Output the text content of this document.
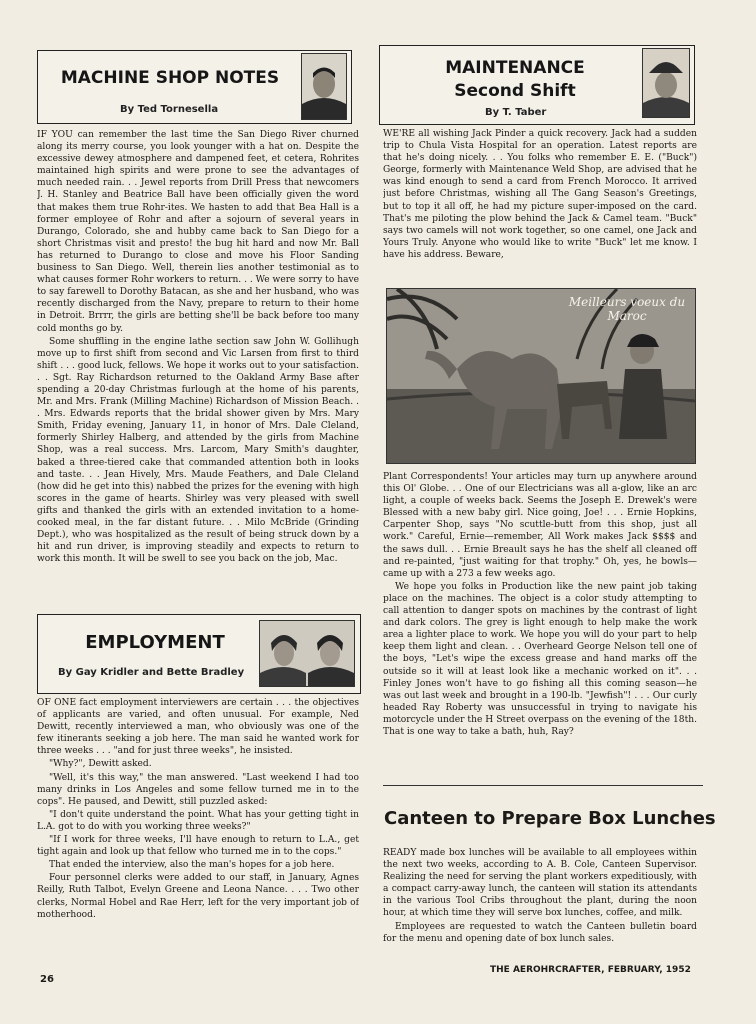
MACHINE SHOP NOTES
By Ted Tornesella

IF YOU can remember the last time the San Diego River churned along its merry course, you look younger with a hat on. Despite the excessive dewey atmosphere and dampened feet, et cetera, Rohrites maintained high spirits and were prone to see the advantages of much needed rain. . . Jewel reports from Drill Press that newcomers J. H. Stanley and Beatrice Ball have been officially given the word that makes them true Rohr-ites. We hasten to add that Bea Hall is a former employee of Rohr and after a sojourn of several years in Durango, Colorado, she and hubby came back to San Diego for a short Christmas visit and presto! the bug hit hard and now Mr. Ball has returned to Durango to close and move his Floor Sanding business to San Diego. Well, therein lies another testimonial as to what causes former Rohr workers to return. . . We were sorry to have to say farewell to Dorothy Batacan, as she and her husband, who was recently discharged from the Navy, prepare to return to their home in Detroit. Brrrr, the girls are betting she'll be back before too many cold months go by.

Some shuffling in the engine lathe section saw John W. Gollihugh move up to first shift from second and Vic Larsen from first to third shift . . . good luck, fellows. We hope it works out to your satisfaction. . . Sgt. Ray Richardson returned to the Oakland Army Base after spending a 20-day Christmas furlough at the home of his parents, Mr. and Mrs. Frank (Milling Machine) Richardson of Mission Beach. . . Mrs. Edwards reports that the bridal shower given by Mrs. Mary Smith, Friday evening, January 11, in honor of Mrs. Dale Cleland, formerly Shirley Halberg, and attended by the girls from Machine Shop, was a real success. Mrs. Larcom, Mary Smith's daughter, baked a three-tiered cake that commanded attention both in looks and taste. . . Jean Hively, Mrs. Maude Feathers, and Dale Cleland (how did he get into this) nabbed the prizes for the evening with high scores in the game of hearts. Shirley was very pleased with swell gifts and thanked the girls with an extended invitation to a home-cooked meal, in the far distant future. . . Milo McBride (Grinding Dept.), who was hospitalized as the result of being struck down by a hit and run driver, is improving steadily and expects to return to work this month. It will be swell to see you back on the job, Mac.

EMPLOYMENT
By Gay Kridler and Bette Bradley

OF ONE fact employment interviewers are certain . . . the objectives of applicants are varied, and often unusual. For example, Ned Dewitt, recently interviewed a man, who obviously was one of the few itinerants seeking a job here. The man said he wanted work for three weeks . . . "and for just three weeks", he insisted.

"Why?", Dewitt asked.

"Well, it's this way," the man answered. "Last weekend I had too many drinks in Los Angeles and some fellow turned me in to the cops". He paused, and Dewitt, still puzzled asked:

"I don't quite understand the point. What has your getting tight in L.A. got to do with you working three weeks?"

"If I work for three weeks, I'll have enough to return to L.A., get tight again and look up that fellow who turned me in to the cops."

That ended the interview, also the man's hopes for a job here.

Four personnel clerks were added to our staff, in January, Agnes Reilly, Ruth Talbot, Evelyn Greene and Leona Nance. . . . Two other clerks, Normal Hobel and Rae Herr, left for the very important job of motherhood.

26
MAINTENANCE
Second Shift
By T. Taber

WE'RE all wishing Jack Pinder a quick recovery. Jack had a sudden trip to Chula Vista Hospital for an operation. Latest reports are that he's doing nicely. . . You folks who remember E. E. ("Buck") George, formerly with Maintenance Weld Shop, are advised that he was kind enough to send a card from French Morocco. It arrived just before Christmas, wishing all The Gang Season's Greetings, but to top it all off, he had my picture super-imposed on the card. That's me piloting the plow behind the Jack & Camel team. "Buck" says two camels will not work together, so one camel, one Jack and Yours Truly. Anyone who would like to write "Buck" let me know. I have his address. Beware,

Meilleurs voeux du Maroc

Plant Correspondents! Your articles may turn up anywhere around this Ol' Globe. . . One of our Electricians was all a-glow, like an arc light, a couple of weeks back. Seems the Joseph E. Drewek's were Blessed with a new baby girl. Nice going, Joe! . . . Ernie Hopkins, Carpenter Shop, says "No scuttle-butt from this shop, just all work." Careful, Ernie—remember, All Work makes Jack $$$$ and the saws dull. . . Ernie Breault says he has the shelf all cleaned off and re-painted, "just waiting for that trophy." Oh, yes, he bowls—came up with a 273 a few weeks ago.

We hope you folks in Production like the new paint job taking place on the machines. The object is a color study attempting to call attention to danger spots on machines by the contrast of light and dark colors. The grey is light enough to help make the work area a lighter place to work. We hope you will do your part to help keep them light and clean. . . Overheard George Nelson tell one of the boys, "Let's wipe the excess grease and hand marks off the outside so it will at least look like a mechanic worked on it". . . Finley Jones won't have to go fishing all this coming season—he was out last week and brought in a 190-lb. "Jewfish"! . . . Our curly headed Ray Roberty was unsuccessful in trying to navigate his motorcycle under the H Street overpass on the evening of the 18th. That is one way to take a bath, huh, Ray?

Canteen to Prepare Box Lunches

READY made box lunches will be available to all employees within the next two weeks, according to A. B. Cole, Canteen Supervisor. Realizing the need for serving the plant workers expeditiously, with a compact carry-away lunch, the canteen will station its attendants in the various Tool Cribs throughout the plant, during the noon hour, at which time they will serve box lunches, coffee, and milk.

Employees are requested to watch the Canteen bulletin board for the menu and opening date of box lunch sales.

THE AEROHRCRAFTER, FEBRUARY, 1952
